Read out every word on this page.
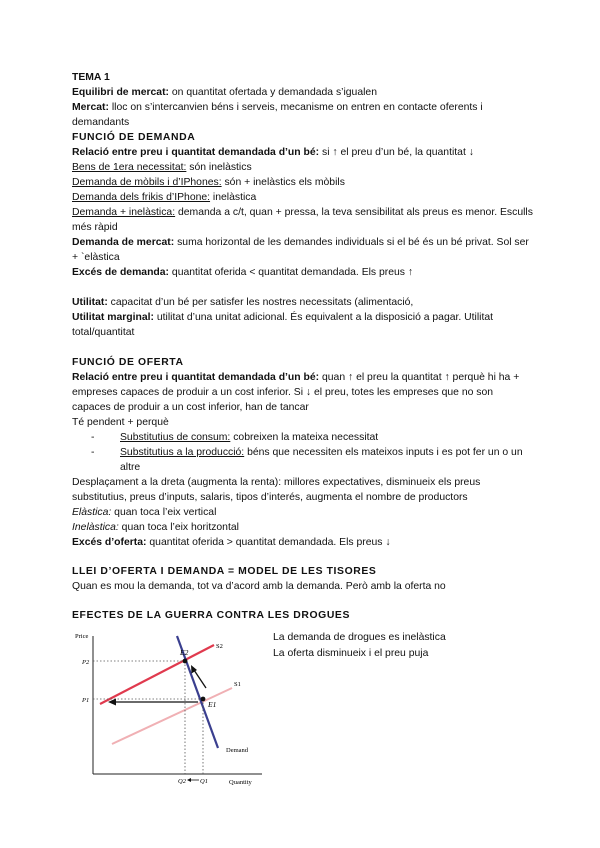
TEMA 1

Equilibri de mercat: on quantitat ofertada y demandada s’igualen

Mercat: lloc on s’intercanvien béns i serveis, mecanisme on entren en contacte oferents i demandants

FUNCIÓ DE DEMANDA

Relació entre preu i quantitat demandada d’un bé: si ↑ el preu d’un bé, la quantitat ↓

Bens de 1era necessitat: són inelàstics

Demanda de mòbils i d’IPhones: són + inelàstics els mòbils

Demanda dels frikis d’IPhone: inelàstica

Demanda + inelàstica: demanda a c/t, quan + pressa, la teva sensibilitat als preus es menor. Esculls més ràpid

Demanda de mercat: suma horizontal de les demandes individuals si el bé és un bé privat. Sol ser + `elàstica

Excés de demanda: quantitat oferida < quantitat demandada. Els preus ↑

Utilitat: capacitat d’un bé per satisfer les nostres necessitats (alimentació,

Utilitat marginal: utilitat d’una unitat adicional. És equivalent a la disposició a pagar. Utilitat total/quantitat

FUNCIÓ DE OFERTA

Relació entre preu i quantitat demandada d’un bé: quan ↑ el preu la quantitat ↑ perquè hi ha + empreses capaces de produir a un cost inferior. Si ↓ el preu, totes les empreses que no son capaces de produir a un cost inferior, han de tancar

Té pendent + perquè

- Substitutius de consum: cobreixen la mateixa necessitat
- Substitutius a la producció: béns que necessiten els mateixos inputs i es pot fer un o un altre

Desplaçament a la dreta (augmenta la renta): millores expectatives, disminueix els preus substitutius, preus d’inputs, salaris, tipos d’interés, augmenta el nombre de productors

Elàstica: quan toca l’eix vertical

Inelàstica: quan toca l’eix horitzontal

Excés d’oferta: quantitat oferida > quantitat demandada. Els preus ↓

LLEI D’OFERTA I DEMANDA = MODEL DE LES TISORES

Quan es mou la demanda, tot va d’acord amb la demanda. Però amb la oferta no

EFECTES DE LA GUERRA CONTRA LES DROGUES

Price
Quantity
E2
E1
S2
S1
Demand
P2
P1
Q2 Q1
La demanda de drogues es inelàstica
La oferta disminueix i el preu puja
